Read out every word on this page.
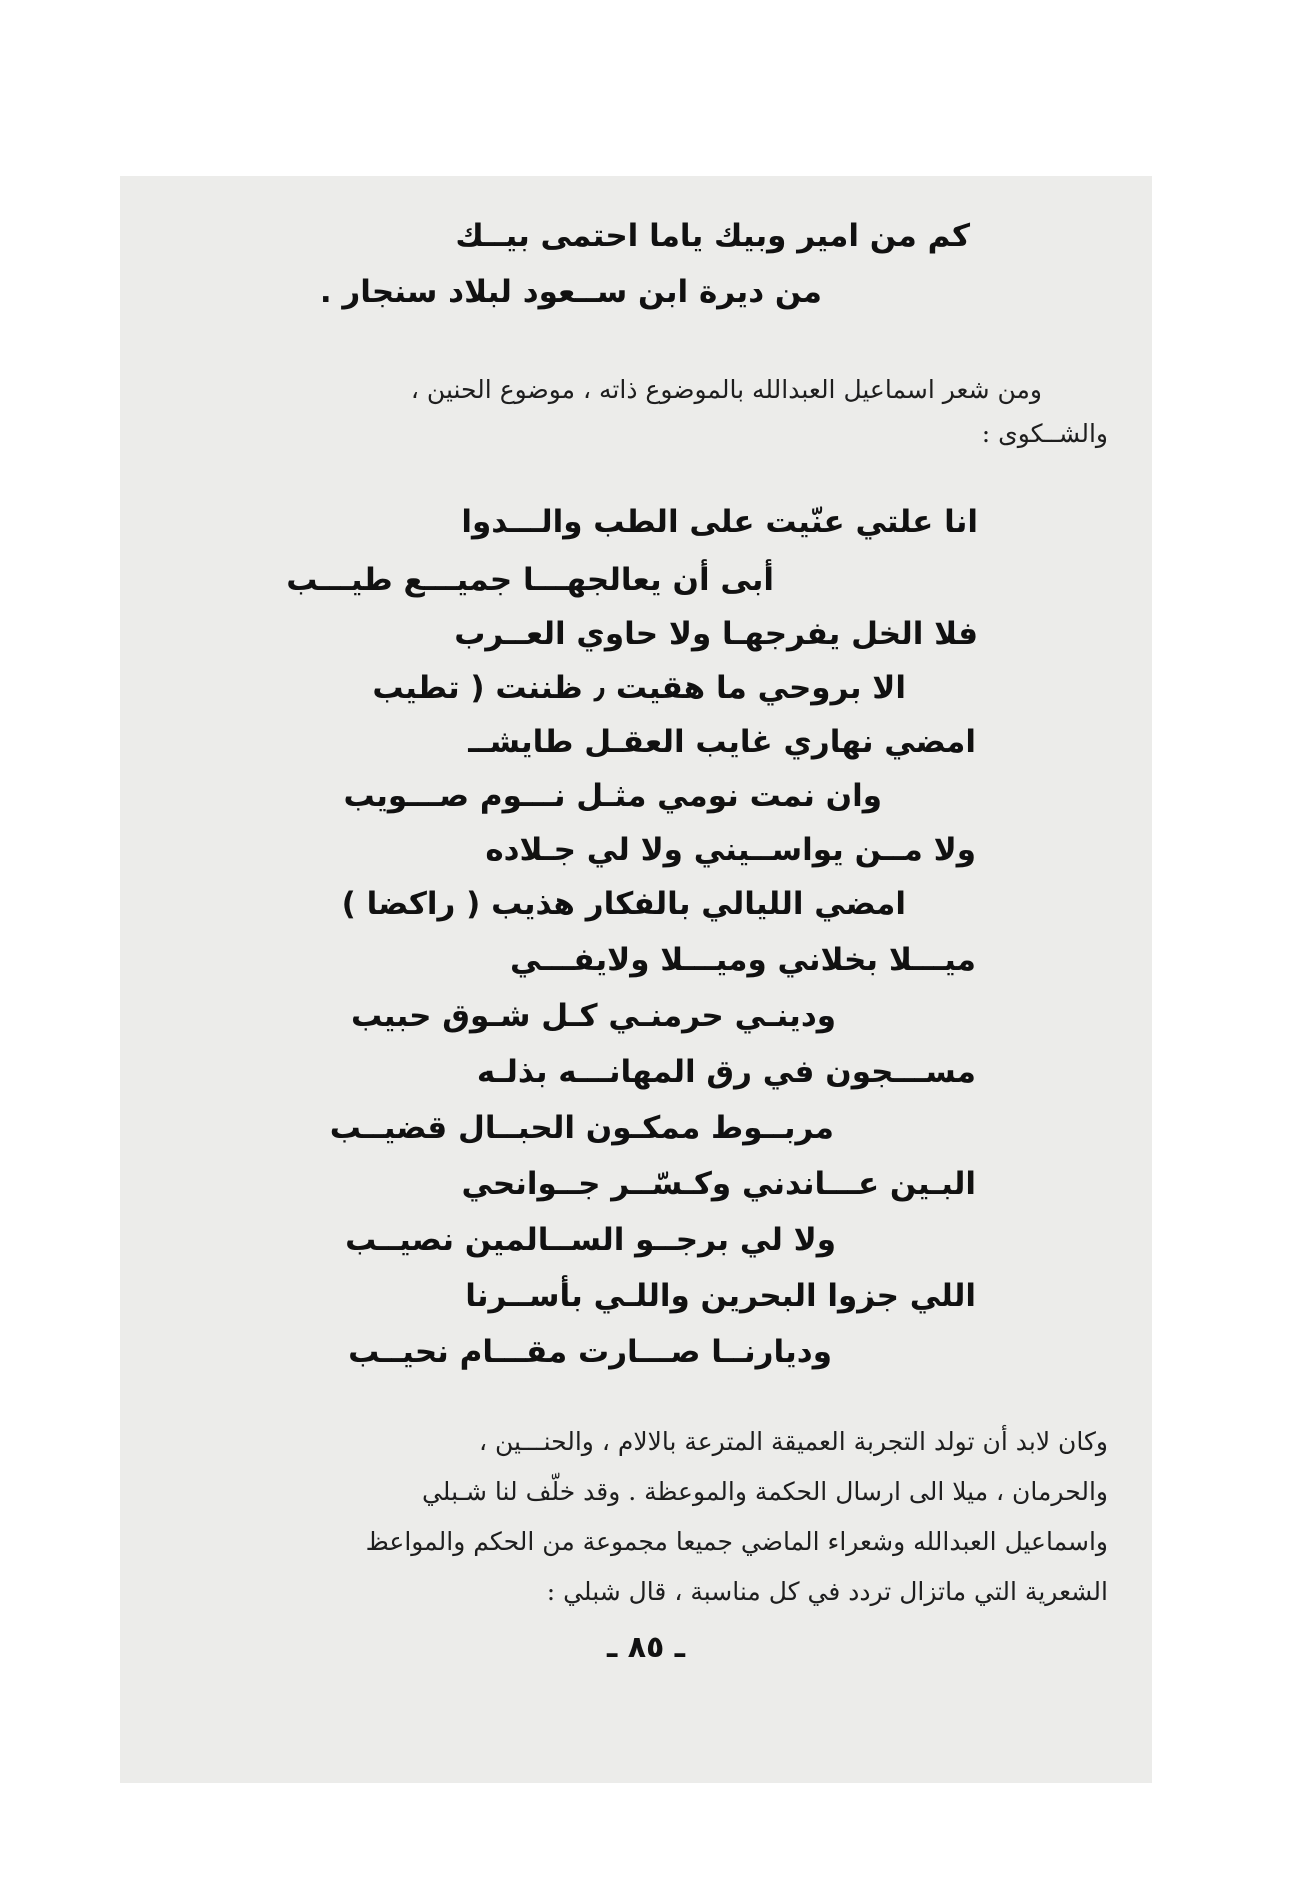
كم من امير وبيك ياما احتمى بيــك
من ديرة ابن ســعود لبلاد سنجار .
ومن شعر اسماعيل العبدالله بالموضوع ذاته ، موضوع الحنين ،
والشــكوى :
انا علتي عنّيت على الطب والـــدوا
أبى أن يعالجهـــا جميـــع طيـــب
فلا الخل يفرجهـا ولا حاوي العــرب
الا بروحي ما هقيت ٫ ظننت ( تطيب
امضي نهاري غايب العقـل طايشــ
وان نمت نومي مثـل نـــوم صـــويب
ولا مــن يواســيني ولا لي جـلاده
امضي الليالي بالفكار هذيب ( راكضا )
ميـــلا بخلاني وميـــلا ولايفـــي
ودينـي حرمنـي كـل شـوق حبيب
مســـجون في رق المهانـــه بذلـه
مربــوط ممكـون الحبــال قضيــب
البـين عـــاندني وكـسّــر جــوانحي
ولا لي برجــو الســالمين نصيــب
اللي جزوا البحرين واللـي بأســرنا
وديارنــا صـــارت مقـــام نحيــب
وكان لابد أن تولد التجربة العميقة المترعة بالالام ، والحنـــين ،
والحرمان ، ميلا الى ارسال الحكمة والموعظة . وقد خلّف لنا شـبلي
واسماعيل العبدالله وشعراء الماضي جميعا مجموعة من الحكم والمواعظ
الشعرية التي ماتزال تردد في كل مناسبة ، قال شبلي :
ـ ٨٥ ـ
